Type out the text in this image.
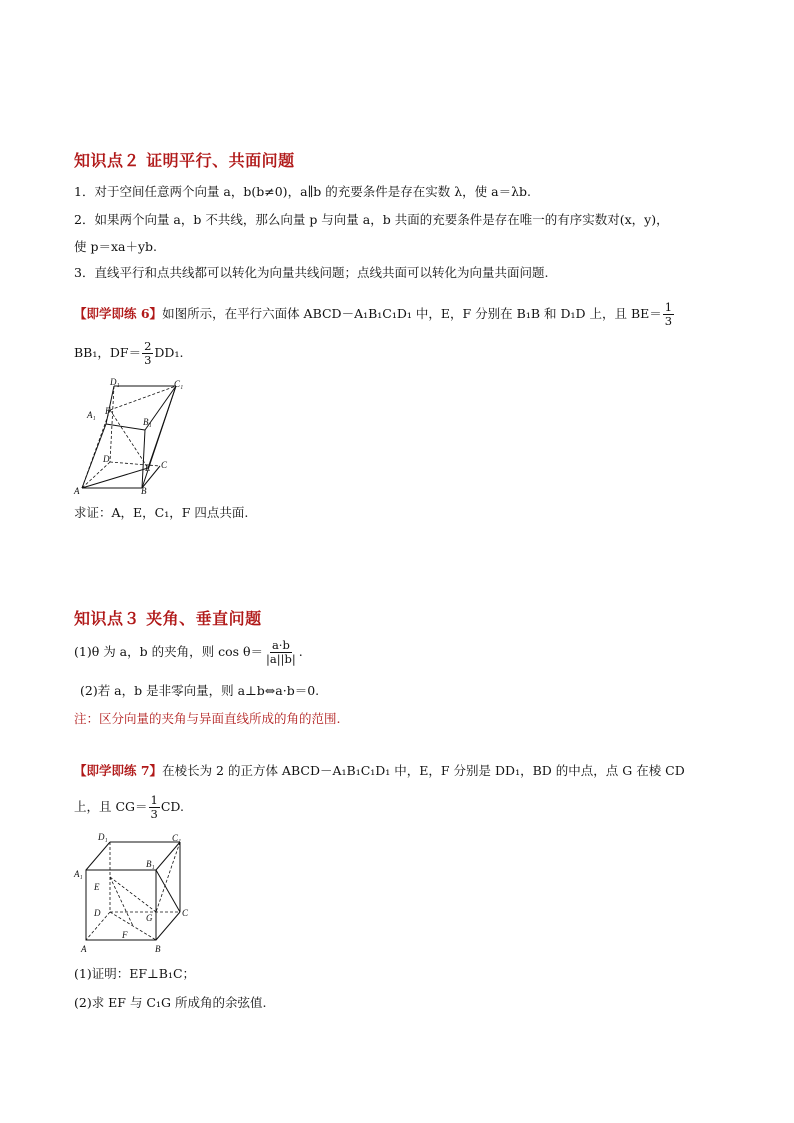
知识点２ 证明平行、共面问题
1．对于空间任意两个向量 a，b(b≠0)，a∥b 的充要条件是存在实数 λ，使 a＝λb.
2．如果两个向量 a，b 不共线，那么向量 p 与向量 a，b 共面的充要条件是存在唯一的有序实数对(x，y)，
使 p＝xa＋yb.
3．直线平行和点共线都可以转化为向量共线问题；点线共面可以转化为向量共面问题.
【即学即练 6】如图所示，在平行六面体 ABCD－A₁B₁C₁D₁ 中，E，F 分别在 B₁B 和 D₁D 上，且 $BE= \frac{1}{3}$
BB₁，$DF= \frac{2}{3} DD_1$.
D₁	C₁
A₁ F
B₁
D
E C
A	B
求证：A，E，C₁，F 四点共面.
知识点３ 夹角、垂直问题
(1)θ 为 a，b 的夹角，则 $\cos \theta= \frac{a\cdot b}{|a||b|}$ .
(2)若 a，b 是非零向量，则 a⊥b⇔a·b＝0.
注：区分向量的夹角与异面直线所成的角的范围.
【即学即练 7】在棱长为 2 的正方体 ABCD－A₁B₁C₁D₁ 中，E，F 分别是 DD₁，BD 的中点，点 G 在棱 CD
上，且 $CG= \frac{1}{3}$ CD.
D₁	C₁
B₁
A₁
E
D	G	C
F
A	B
(1)证明：EF⊥B₁C；
(2)求 EF 与 C₁G 所成角的余弦值.
